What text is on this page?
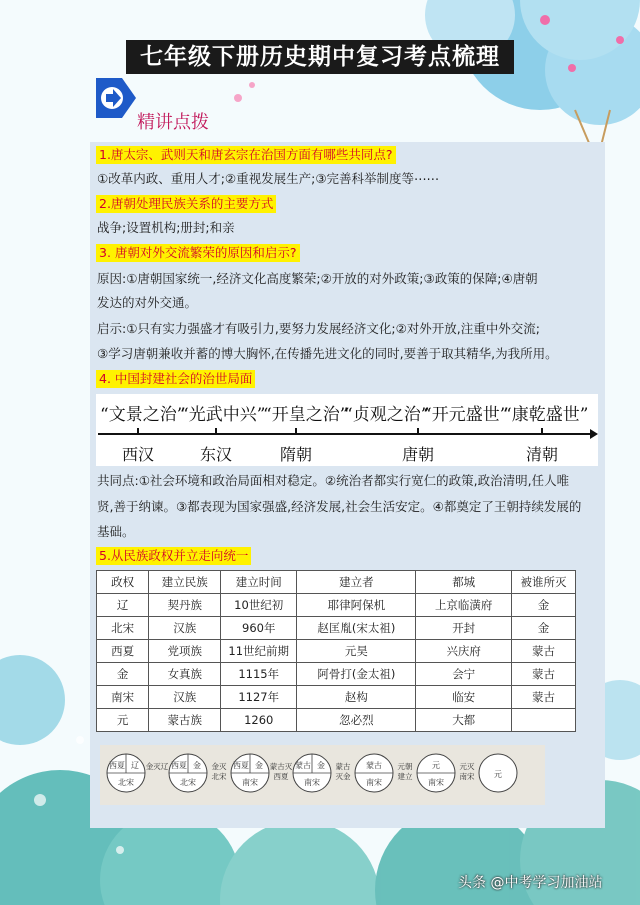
七年级下册历史期中复习考点梳理
精讲点拨
1.唐太宗、武则天和唐玄宗在治国方面有哪些共同点?
①改革内政、重用人才;②重视发展生产;③完善科举制度等⋯⋯
2.唐朝处理民族关系的主要方式
战争;设置机构;册封;和亲
3. 唐朝对外交流繁荣的原因和启示?
原因:①唐朝国家统一,经济文化高度繁荣;②开放的对外政策;③政策的保障;④唐朝
发达的对外交通。
启示:①只有实力强盛才有吸引力,要努力发展经济文化;②对外开放,注重中外交流;
③学习唐朝兼收并蓄的博大胸怀,在传播先进文化的同时,要善于取其精华,为我所用。
4. 中国封建社会的治世局面
“文景之治”
“光武中兴”
“开皇之治”
“贞观之治”
“开元盛世”
“康乾盛世”
西汉	东汉	隋朝	唐朝	清朝
共同点:①社会环境和政治局面相对稳定。②统治者都实行宽仁的政策,政治清明,任人唯
贤,善于纳谏。③都表现为国家强盛,经济发展,社会生活安定。④都奠定了王朝持续发展的
基础。
5.从民族政权并立走向统一
政权	建立民族	建立时间	建立者	都城	被谁所灭
辽	契丹族	10世纪初	耶律阿保机	上京临潢府	金
北宋	汉族	960年	赵匡胤(宋太祖)	开封	金
西夏	党项族	11世纪前期	元昊	兴庆府	蒙古
金	女真族	1115年	阿骨打(金太祖)	会宁	蒙古
南宋	汉族	1127年	赵构	临安	蒙古
元	蒙古族	1260	忽必烈	大都	
西夏 辽
北宋
西夏 金
北宋
西夏 金
南宋
蒙古 金
南宋
蒙古
南宋
元
南宋
元
金灭辽	金灭
北宋
蒙古灭
西夏
蒙古
灭金
元朝
建立
元灭
南宋
头条 @中考学习加油站
